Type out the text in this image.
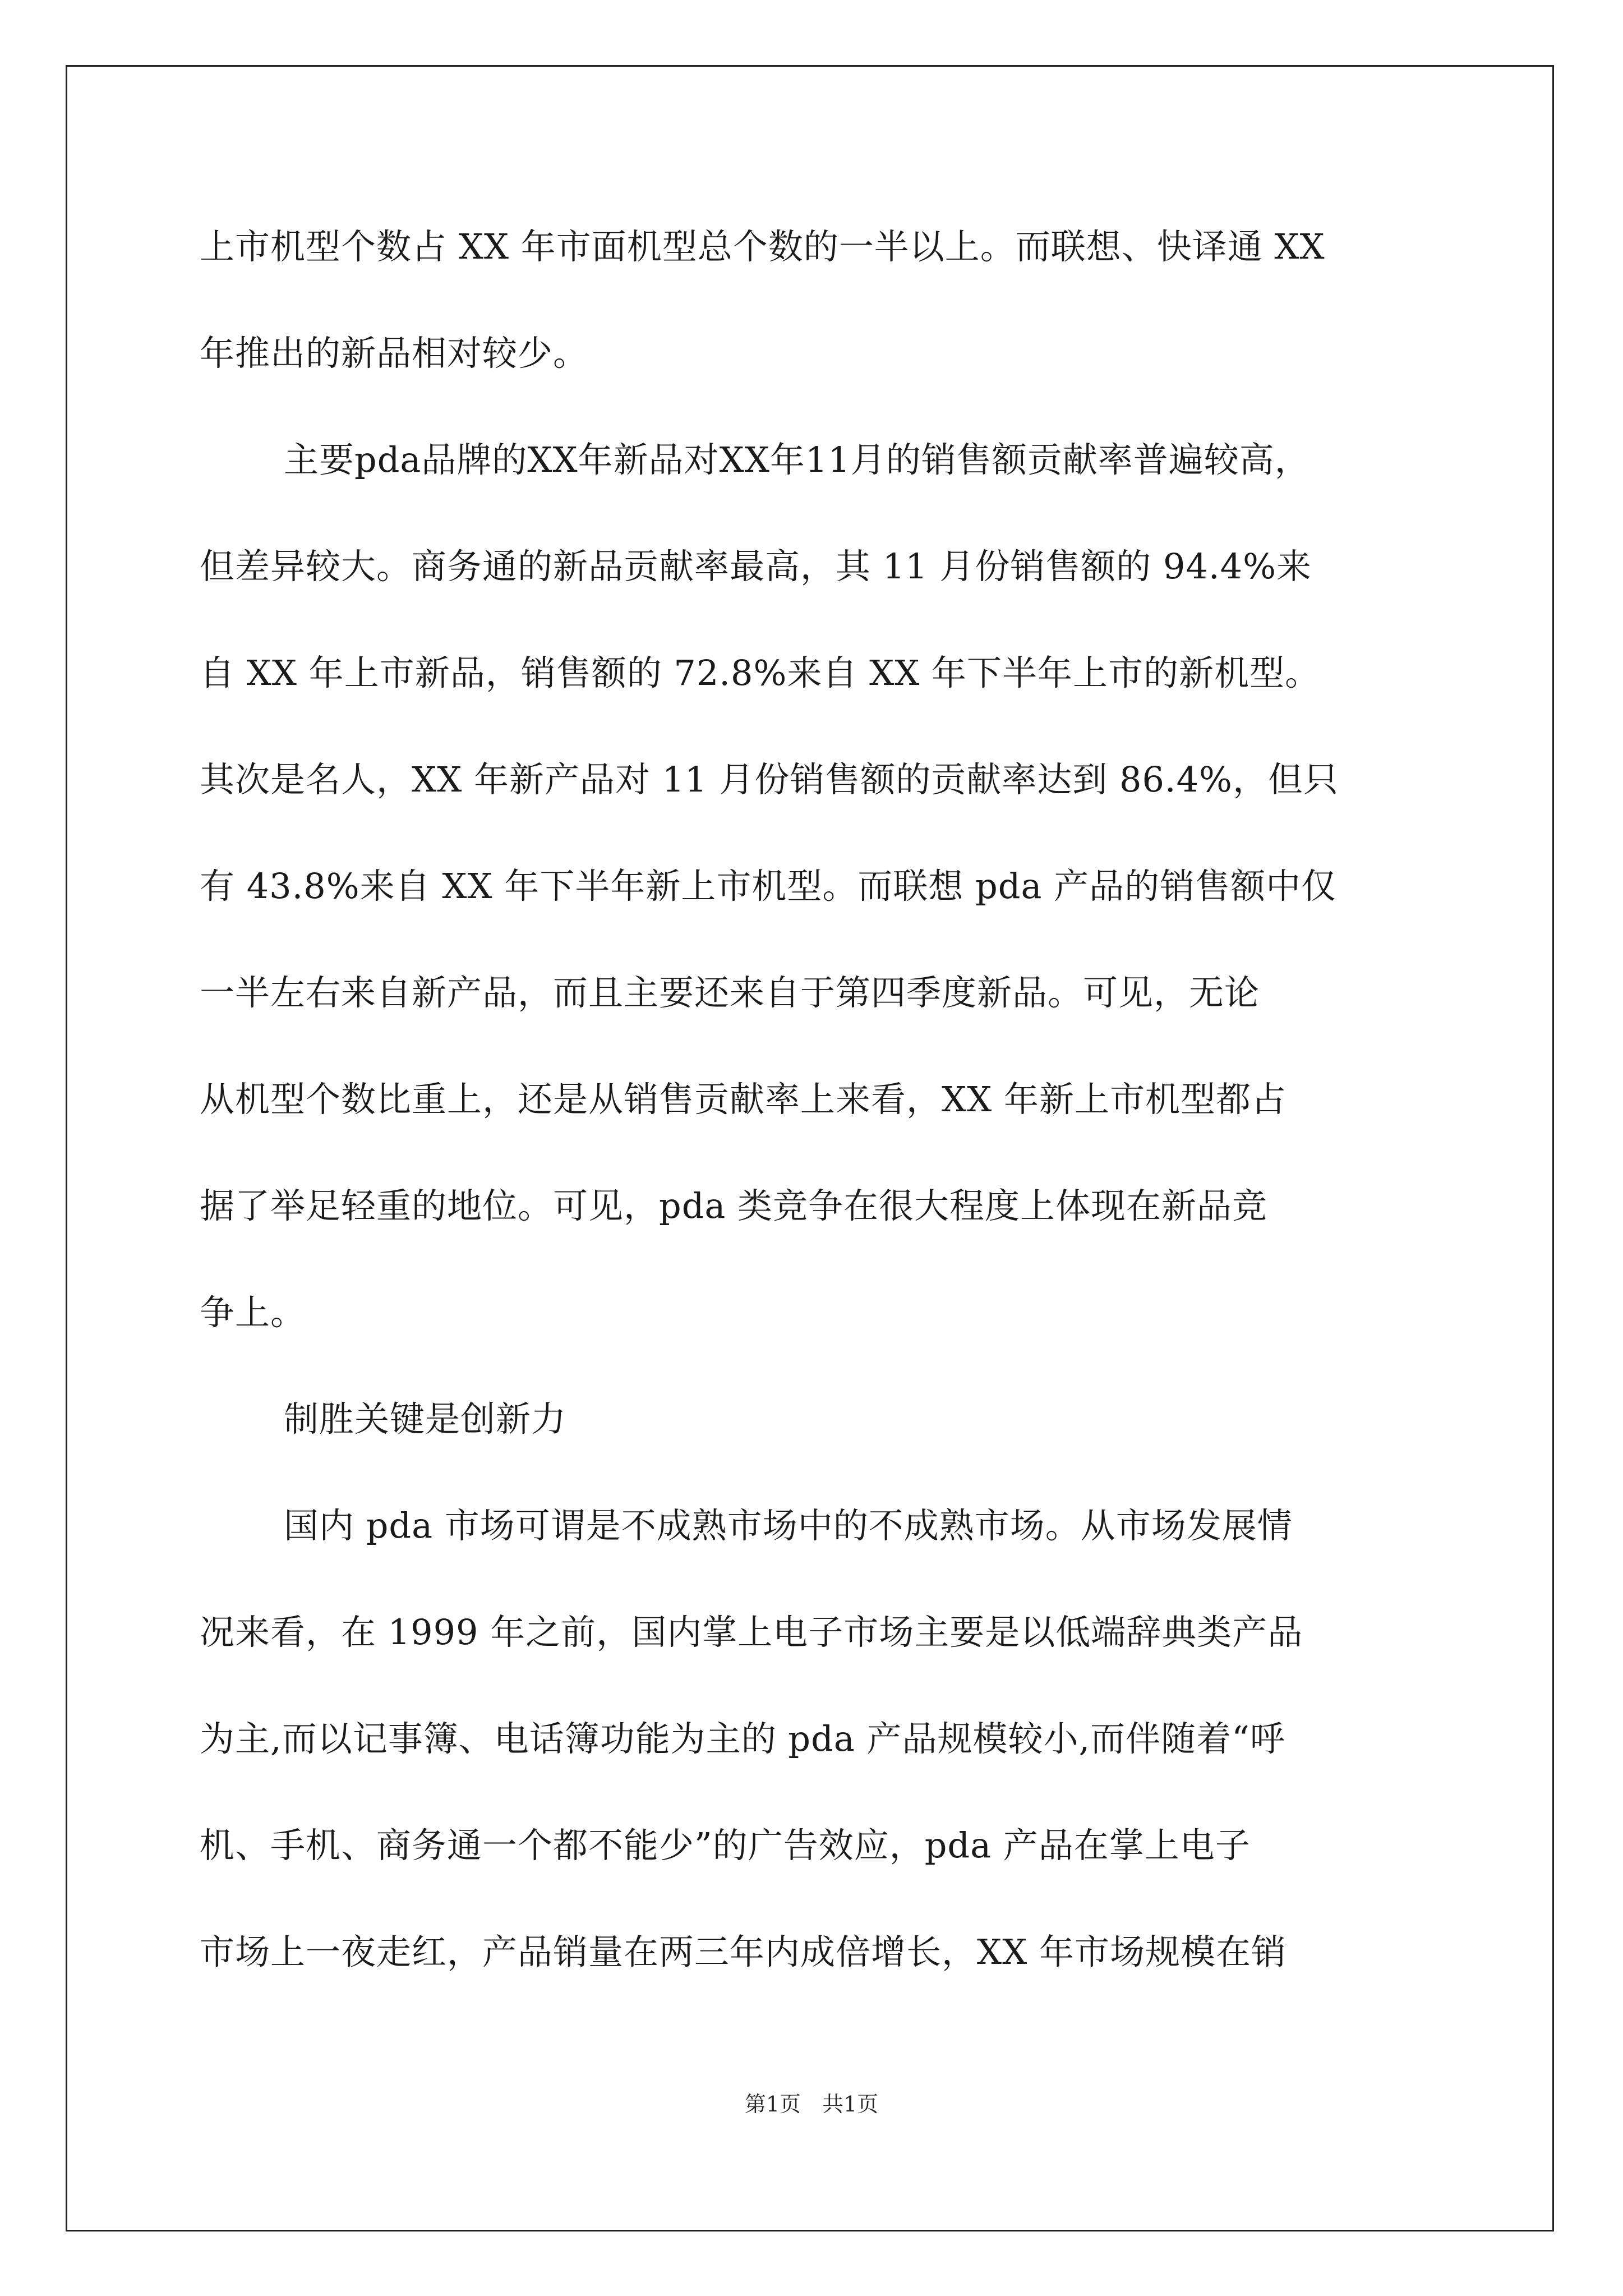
上市机型个数占 XX 年市面机型总个数的一半以上。而联想、快译通 XX
年推出的新品相对较少。
主要pda品牌的XX年新品对XX年11月的销售额贡献率普遍较高，
但差异较大。商务通的新品贡献率最高，其 11 月份销售额的 94.4%来
自 XX 年上市新品，销售额的 72.8%来自 XX 年下半年上市的新机型。
其次是名人，XX 年新产品对 11 月份销售额的贡献率达到 86.4%，但只
有 43.8%来自 XX 年下半年新上市机型。而联想 pda 产品的销售额中仅
一半左右来自新产品，而且主要还来自于第四季度新品。可见，无论
从机型个数比重上，还是从销售贡献率上来看，XX 年新上市机型都占
据了举足轻重的地位。可见，pda 类竞争在很大程度上体现在新品竞
争上。
制胜关键是创新力
国内 pda 市场可谓是不成熟市场中的不成熟市场。从市场发展情
况来看，在 1999 年之前，国内掌上电子市场主要是以低端辞典类产品
为主,而以记事簿、电话簿功能为主的 pda 产品规模较小,而伴随着“呼
机、手机、商务通一个都不能少”的广告效应，pda 产品在掌上电子
市场上一夜走红，产品销量在两三年内成倍增长，XX 年市场规模在销
第1页　共1页
